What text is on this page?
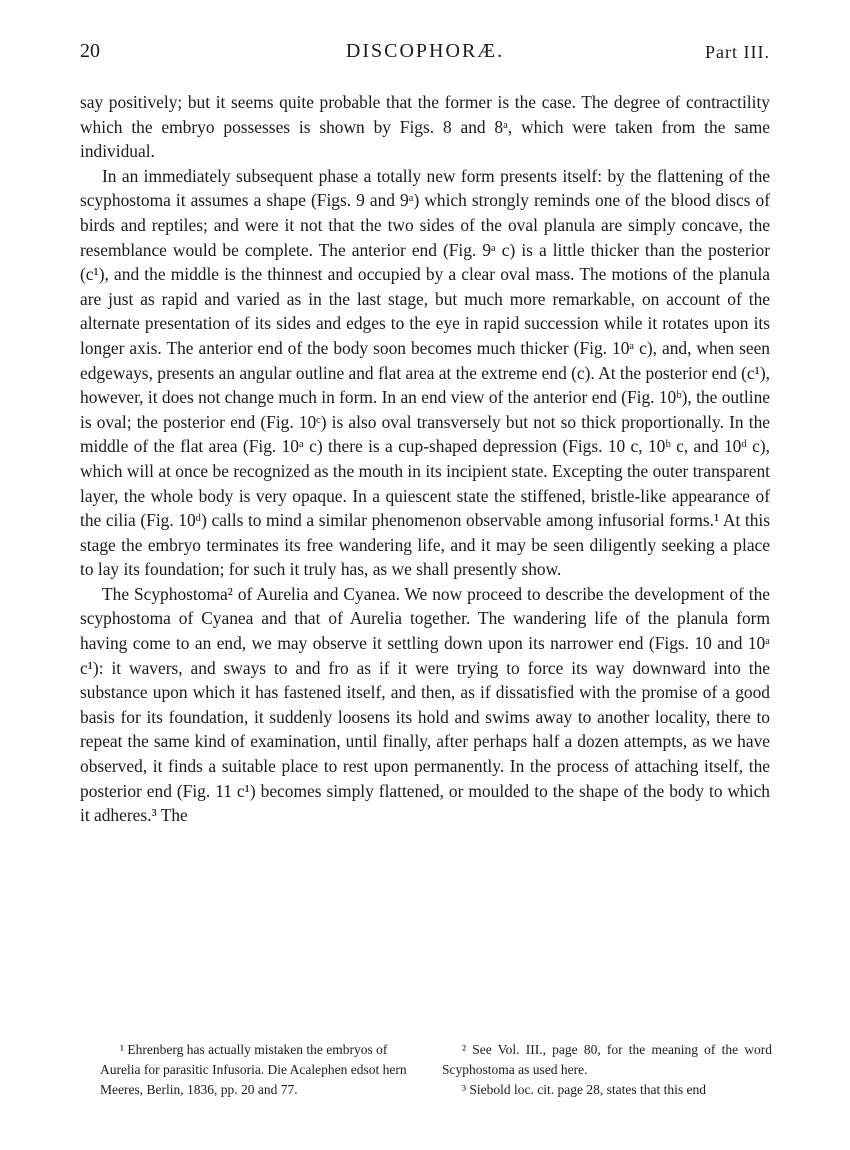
20	DISCOPHORÆ.	Part III.

say positively; but it seems quite probable that the former is the case. The degree of contractility which the embryo possesses is shown by Figs. 8 and 8ᵃ, which were taken from the same individual.

In an immediately subsequent phase a totally new form presents itself: by the flattening of the scyphostoma it assumes a shape (Figs. 9 and 9ᵃ) which strongly reminds one of the blood discs of birds and reptiles; and were it not that the two sides of the oval planula are simply concave, the resemblance would be complete. The anterior end (Fig. 9ᵃ c) is a little thicker than the posterior (c¹), and the middle is the thinnest and occupied by a clear oval mass. The motions of the planula are just as rapid and varied as in the last stage, but much more remarkable, on account of the alternate presentation of its sides and edges to the eye in rapid succession while it rotates upon its longer axis. The anterior end of the body soon becomes much thicker (Fig. 10ᵃ c), and, when seen edgeways, presents an angular outline and flat area at the extreme end (c). At the posterior end (c¹), however, it does not change much in form. In an end view of the anterior end (Fig. 10ᵇ), the outline is oval; the posterior end (Fig. 10ᶜ) is also oval transversely but not so thick proportionally. In the middle of the flat area (Fig. 10ᵃ c) there is a cup-shaped depression (Figs. 10 c, 10ᵇ c, and 10ᵈ c), which will at once be recognized as the mouth in its incipient state. Excepting the outer transparent layer, the whole body is very opaque. In a quiescent state the stiffened, bristle-like appearance of the cilia (Fig. 10ᵈ) calls to mind a similar phenomenon observable among infusorial forms.¹ At this stage the embryo terminates its free wandering life, and it may be seen diligently seeking a place to lay its foundation; for such it truly has, as we shall presently show.

The Scyphostoma² of Aurelia and Cyanea. We now proceed to describe the development of the scyphostoma of Cyanea and that of Aurelia together. The wandering life of the planula form having come to an end, we may observe it settling down upon its narrower end (Figs. 10 and 10ᵃ c¹): it wavers, and sways to and fro as if it were trying to force its way downward into the substance upon which it has fastened itself, and then, as if dissatisfied with the promise of a good basis for its foundation, it suddenly loosens its hold and swims away to another locality, there to repeat the same kind of examination, until finally, after perhaps half a dozen attempts, as we have observed, it finds a suitable place to rest upon permanently. In the process of attaching itself, the posterior end (Fig. 11 c¹) becomes simply flattened, or moulded to the shape of the body to which it adheres.³ The

¹ Ehrenberg has actually mistaken the embryos of Aurelia for parasitic Infusoria. Die Acalephen edsot hern Meeres, Berlin, 1836, pp. 20 and 77.

² See Vol. III., page 80, for the meaning of the word Scyphostoma as used here.

³ Siebold loc. cit. page 28, states that this end
